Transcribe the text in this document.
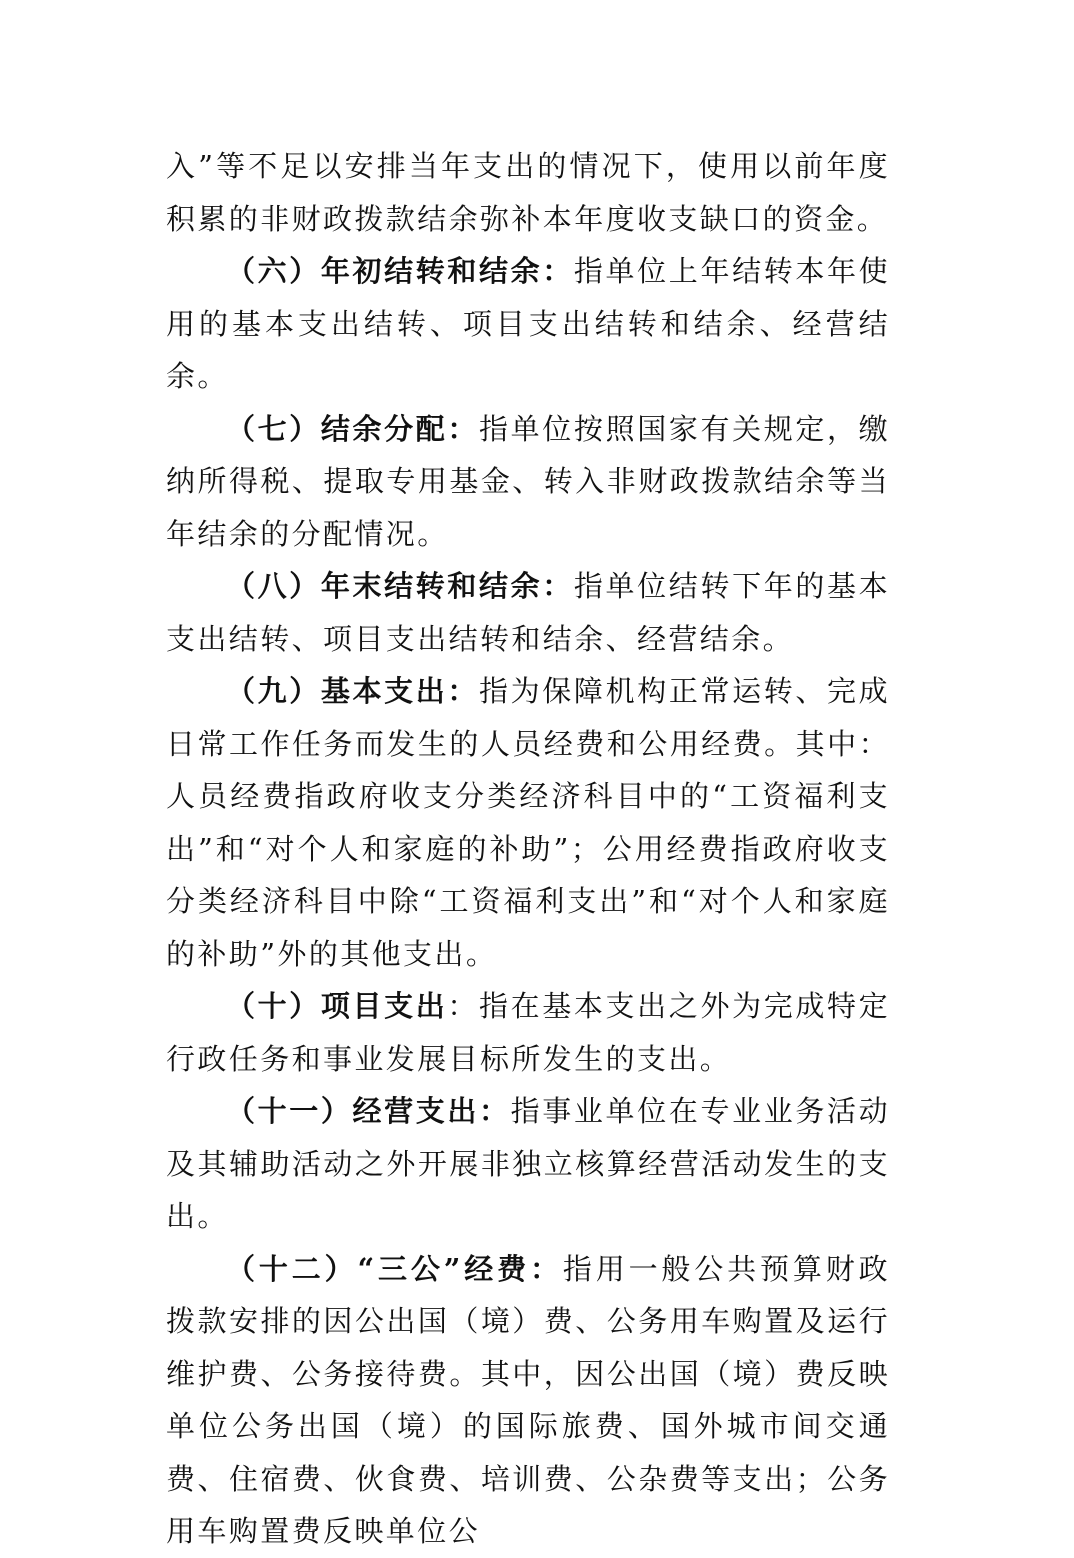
入”等不足以安排当年支出的情况下，使用以前年度积累的非财政拨款结余弥补本年度收支缺口的资金。

（六）年初结转和结余：指单位上年结转本年使用的基本支出结转、项目支出结转和结余、经营结余。

（七）结余分配：指单位按照国家有关规定，缴纳所得税、提取专用基金、转入非财政拨款结余等当年结余的分配情况。

（八）年末结转和结余：指单位结转下年的基本支出结转、项目支出结转和结余、经营结余。

（九）基本支出：指为保障机构正常运转、完成日常工作任务而发生的人员经费和公用经费。其中：人员经费指政府收支分类经济科目中的“工资福利支出”和“对个人和家庭的补助”；公用经费指政府收支分类经济科目中除“工资福利支出”和“对个人和家庭的补助”外的其他支出。

（十）项目支出：指在基本支出之外为完成特定行政任务和事业发展目标所发生的支出。

（十一）经营支出：指事业单位在专业业务活动及其辅助活动之外开展非独立核算经营活动发生的支出。

（十二）“三公”经费：指用一般公共预算财政拨款安排的因公出国（境）费、公务用车购置及运行维护费、公务接待费。其中，因公出国（境）费反映单位公务出国（境）的国际旅费、国外城市间交通费、住宿费、伙食费、培训费、公杂费等支出；公务用车购置费反映单位公
